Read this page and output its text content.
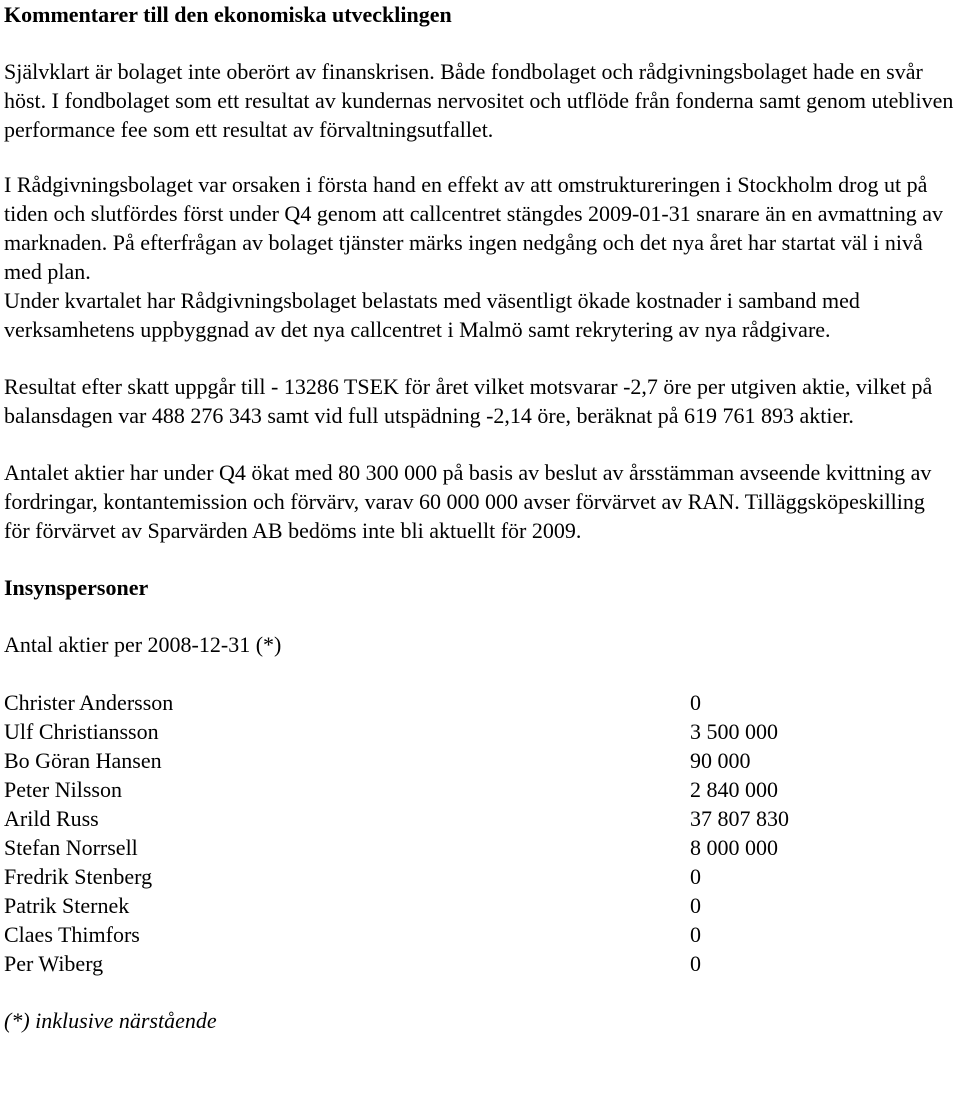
Kommentarer till den ekonomiska utvecklingen

Självklart är bolaget inte oberört av finanskrisen. Både fondbolaget och rådgivningsbolaget hade en svår höst. I fondbolaget som ett resultat av kundernas nervositet och utflöde från fonderna samt genom utebliven performance fee som ett resultat av förvaltningsutfallet.

I Rådgivningsbolaget var orsaken i första hand en effekt av att omstruktureringen i Stockholm drog ut på tiden och slutfördes först under Q4 genom att callcentret stängdes 2009-01-31 snarare än en avmattning av marknaden. På efterfrågan av bolaget tjänster märks ingen nedgång och det nya året har startat väl i nivå med plan.

Under kvartalet har Rådgivningsbolaget belastats med väsentligt ökade kostnader i samband med verksamhetens uppbyggnad av det nya callcentret i Malmö samt rekrytering av nya rådgivare.

Resultat efter skatt uppgår till - 13286 TSEK för året vilket motsvarar -2,7 öre per utgiven aktie, vilket på balansdagen var 488 276 343 samt vid full utspädning -2,14 öre, beräknat på 619 761 893 aktier.

Antalet aktier har under Q4 ökat med 80 300 000 på basis av beslut av årsstämman avseende kvittning av fordringar, kontantemission och förvärv, varav 60 000 000 avser förvärvet av RAN. Tilläggsköpeskilling för förvärvet av Sparvärden AB bedöms inte bli aktuellt för 2009.

Insynspersoner

Antal aktier per 2008-12-31 (*)

Christer Andersson	0
Ulf Christiansson	3 500 000
Bo Göran Hansen	90 000
Peter Nilsson	2 840 000
Arild Russ	37 807 830
Stefan Norrsell	8 000 000
Fredrik Stenberg	0
Patrik Sternek	0
Claes Thimfors	0
Per Wiberg	0

(*) inklusive närstående
